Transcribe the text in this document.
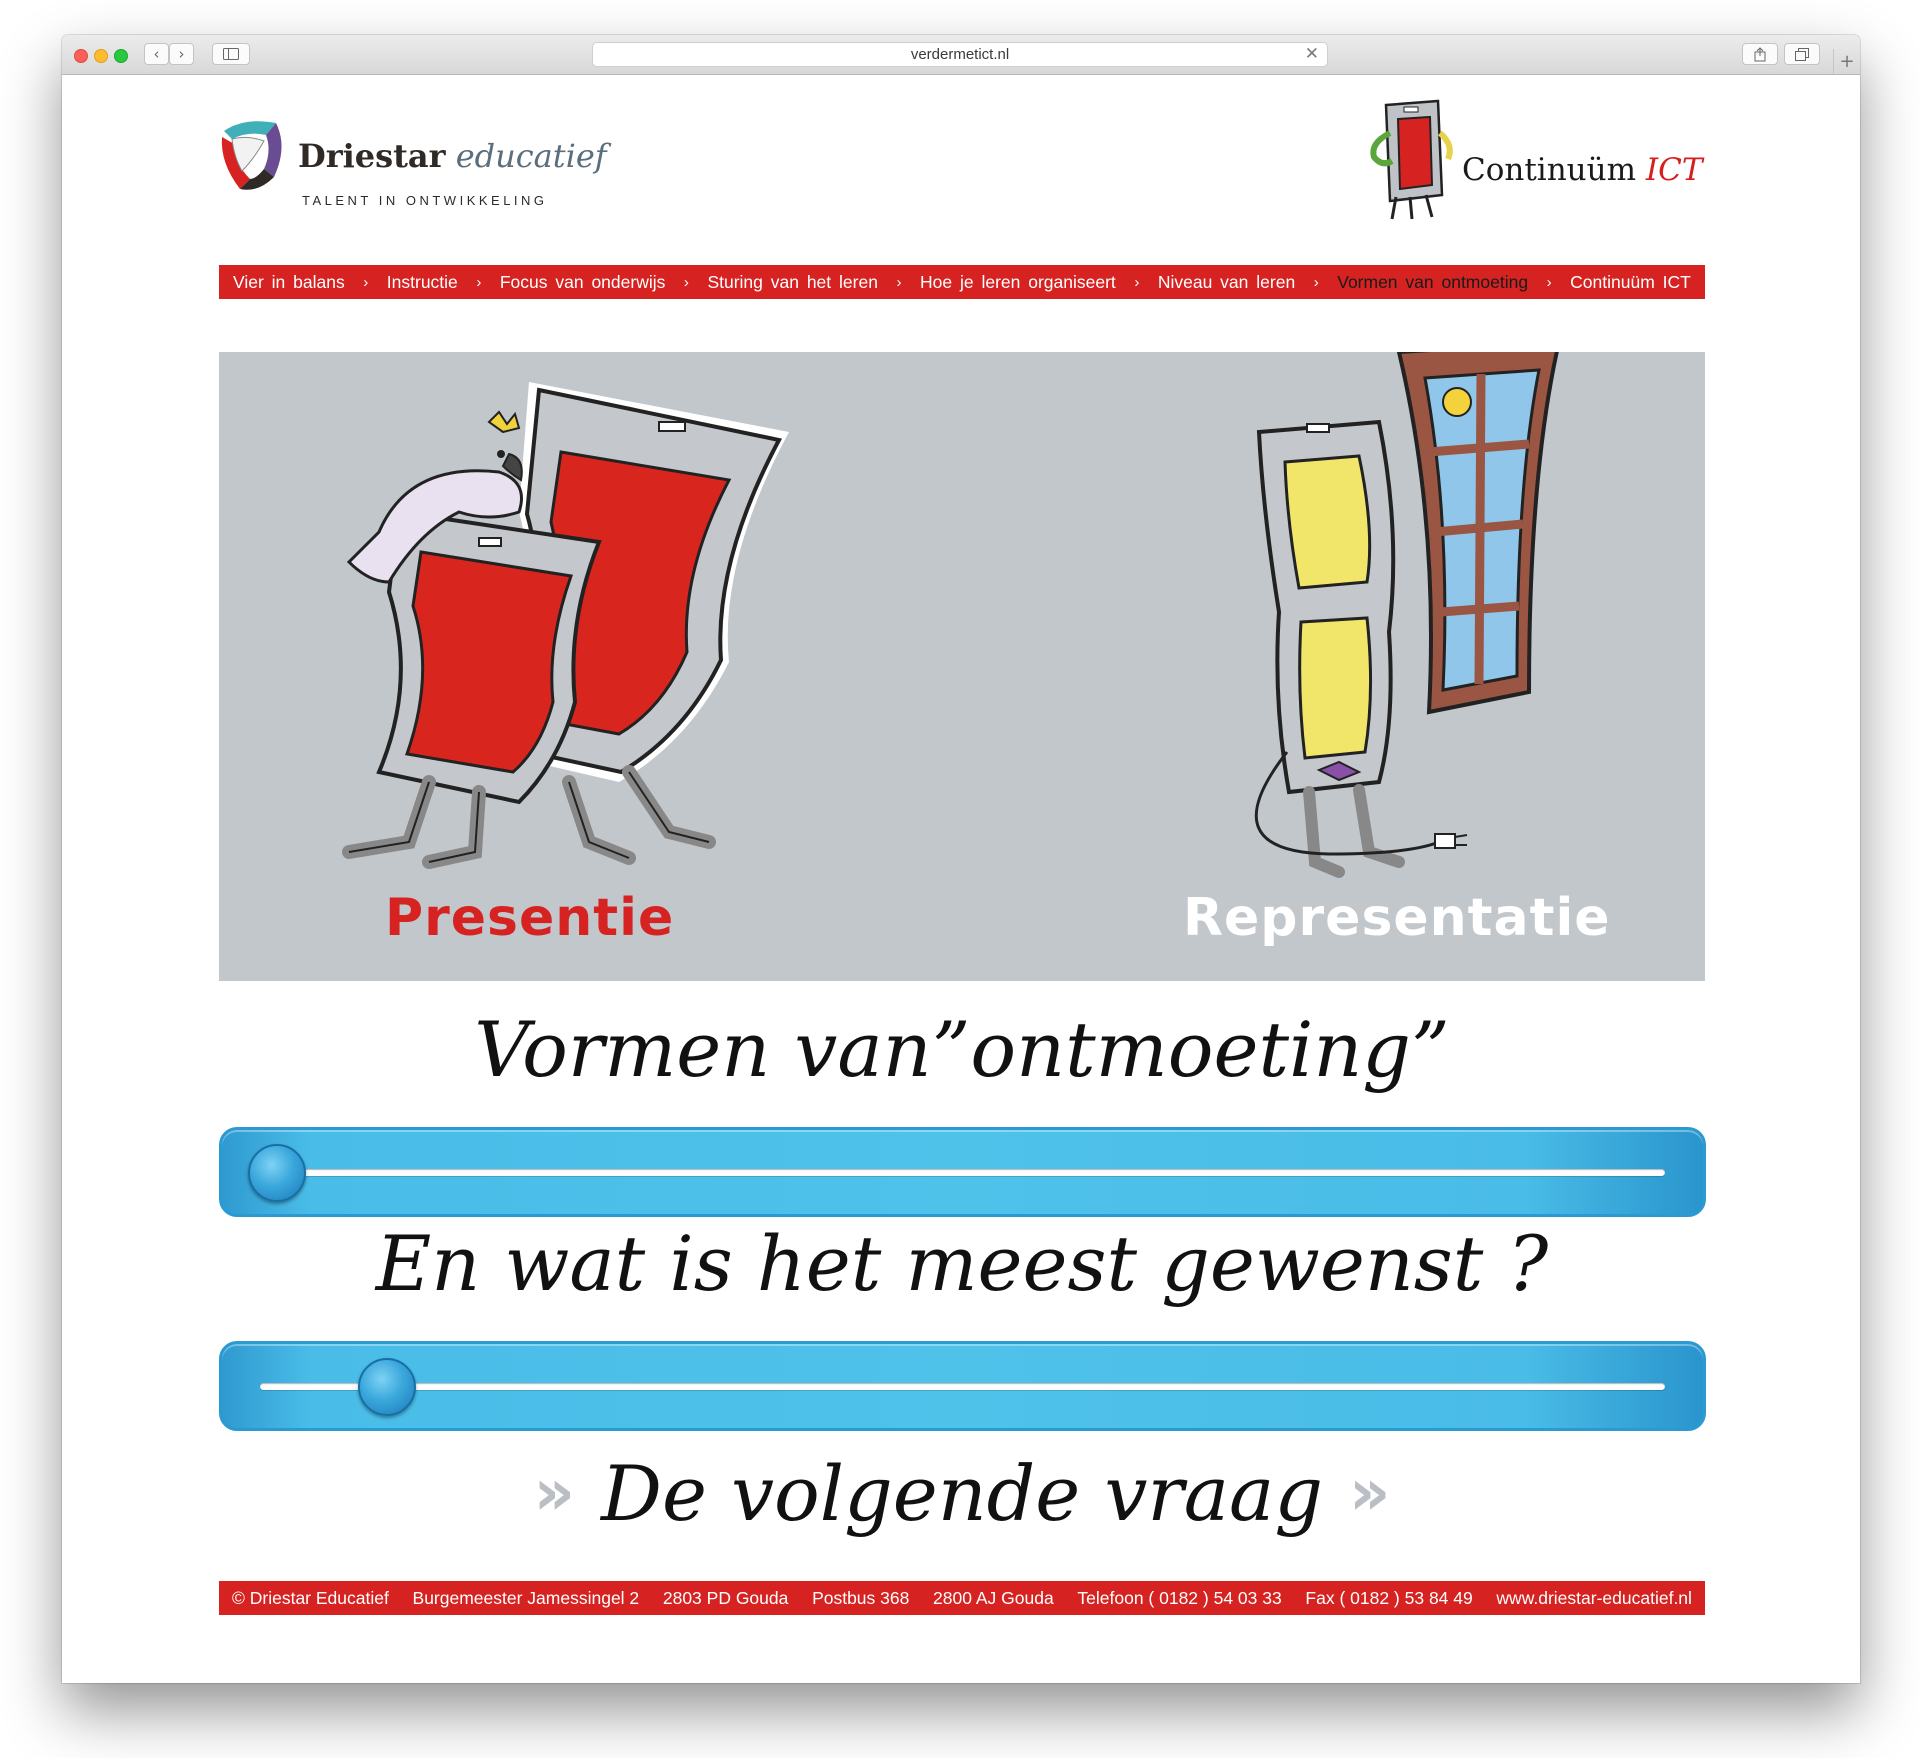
‹	›	verdermetict.nl	✕	+
Driestar educatief
TALENT IN ONTWIKKELING
Continuüm ICT
Vier in balans › Instructie › Focus van onderwijs › Sturing van het leren › Hoe je leren organiseert › Niveau van leren › Vormen van ontmoeting › Continuüm ICT
Presentie	Representatie
Vormen van”ontmoeting”
En wat is het meest gewenst ?
» De volgende vraag »
© Driestar Educatief Burgemeester Jamessingel 2 2803 PD Gouda Postbus 368 2800 AJ Gouda Telefoon ( 0182 ) 54 03 33 Fax ( 0182 ) 53 84 49 www.driestar-educatief.nl
